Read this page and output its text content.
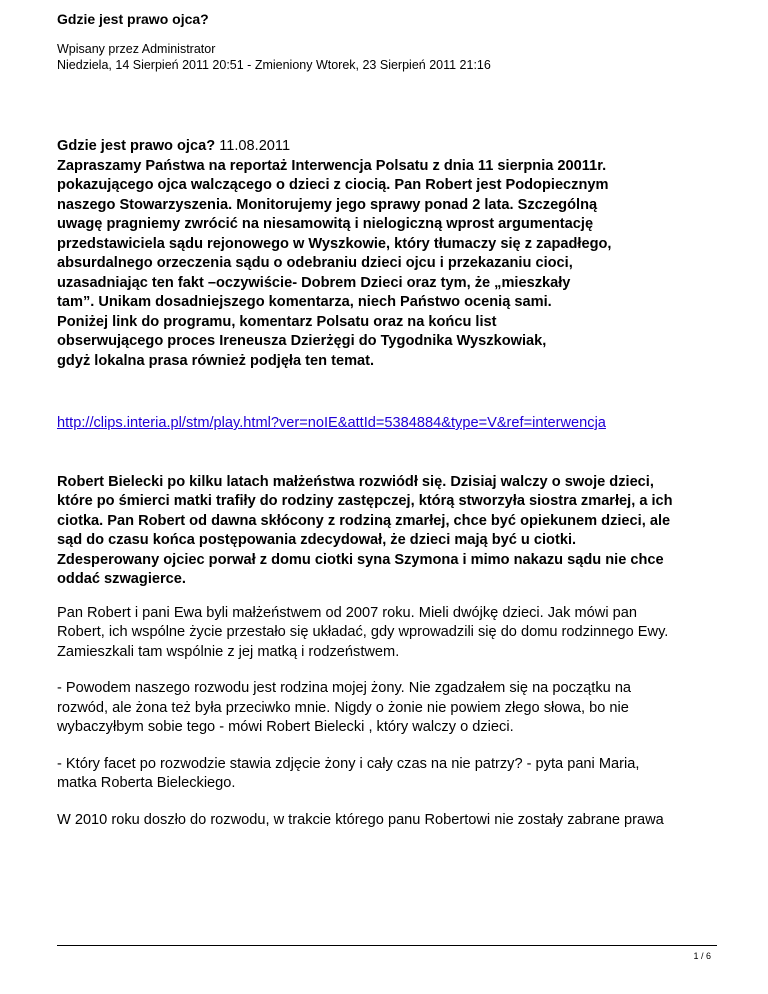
Gdzie jest prawo ojca?

Wpisany przez Administrator

Niedziela, 14 Sierpień 2011 20:51 - Zmieniony Wtorek, 23 Sierpień 2011 21:16

Gdzie jest prawo ojca? 11.08.2011

Zapraszamy Państwa na reportaż Interwencja Polsatu z dnia 11 sierpnia 20011r.
pokazującego ojca walczącego o dzieci z ciocią. Pan Robert jest Podopiecznym
naszego Stowarzyszenia. Monitorujemy jego sprawy ponad 2 lata. Szczególną
uwagę pragniemy zwrócić na niesamowitą i nielogiczną wprost argumentację
przedstawiciela sądu rejonowego w Wyszkowie, który tłumaczy się z zapadłego,
absurdalnego orzeczenia sądu o odebraniu dzieci ojcu i przekazaniu cioci,
uzasadniając ten fakt –oczywiście- Dobrem Dzieci oraz tym, że „mieszkały
tam”. Unikam dosadniejszego komentarza, niech Państwo ocenią sami.

Poniżej link do programu, komentarz Polsatu oraz na końcu list
obserwującego proces Ireneusza Dzierżęgi do Tygodnika Wyszkowiak,
gdyż lokalna prasa również podjęła ten temat.

http://clips.interia.pl/stm/play.html?ver=noIE&attId=5384884&type=V&ref=interwencja

Robert Bielecki po kilku latach małżeństwa rozwiódł się. Dzisiaj walczy o swoje dzieci,
które po śmierci matki trafiły do rodziny zastępczej, którą stworzyła siostra zmarłej, a ich
ciotka. Pan Robert od dawna skłócony z rodziną zmarłej, chce być opiekunem dzieci, ale
sąd do czasu końca postępowania zdecydował, że dzieci mają być u ciotki.
Zdesperowany ojciec porwał z domu ciotki syna Szymona i mimo nakazu sądu nie chce
oddać szwagierce.

Pan Robert i pani Ewa byli małżeństwem od 2007 roku. Mieli dwójkę dzieci. Jak mówi pan
Robert, ich wspólne życie przestało się układać, gdy wprowadzili się do domu rodzinnego Ewy.
Zamieszkali tam wspólnie z jej matką i rodzeństwem.

- Powodem naszego rozwodu jest rodzina mojej żony. Nie zgadzałem się na początku na
rozwód, ale żona też była przeciwko mnie. Nigdy o żonie nie powiem złego słowa, bo nie
wybaczyłbym sobie tego - mówi Robert Bielecki , który walczy o dzieci.

- Który facet po rozwodzie stawia zdjęcie żony i cały czas na nie patrzy? - pyta pani Maria,
matka Roberta Bieleckiego.

W 2010 roku doszło do rozwodu, w trakcie którego panu Robertowi nie zostały zabrane prawa

1 / 6
